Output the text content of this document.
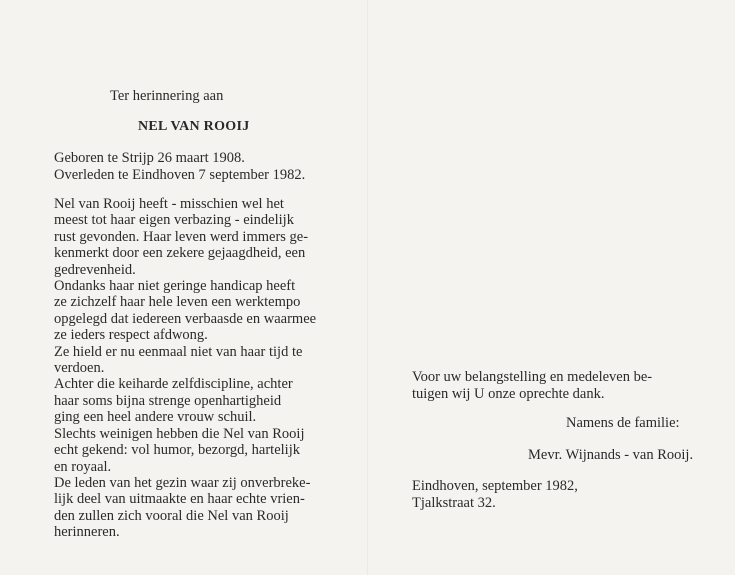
Ter herinnering aan
NEL VAN ROOIJ
Geboren te Strijp 26 maart 1908.
Overleden te Eindhoven 7 september 1982.

Nel van Rooij heeft - misschien wel het

meest tot haar eigen verbazing - eindelijk

rust gevonden. Haar leven werd immers ge-

kenmerkt door een zekere gejaagdheid, een

gedrevenheid.

Ondanks haar niet geringe handicap heeft

ze zichzelf haar hele leven een werktempo

opgelegd dat iedereen verbaasde en waarmee

ze ieders respect afdwong.

Ze hield er nu eenmaal niet van haar tijd te

verdoen.

Achter die keiharde zelfdiscipline, achter

haar soms bijna strenge openhartigheid

ging een heel andere vrouw schuil.

Slechts weinigen hebben die Nel van Rooij

echt gekend: vol humor, bezorgd, hartelijk

en royaal.

De leden van het gezin waar zij onverbreke-

lijk deel van uitmaakte en haar echte vrien-

den zullen zich vooral die Nel van Rooij

herinneren.

Voor uw belangstelling en medeleven be-
tuigen wij U onze oprechte dank.
Namens de familie:
Mevr. Wijnands - van Rooij.
Eindhoven, september 1982,
Tjalkstraat 32.
